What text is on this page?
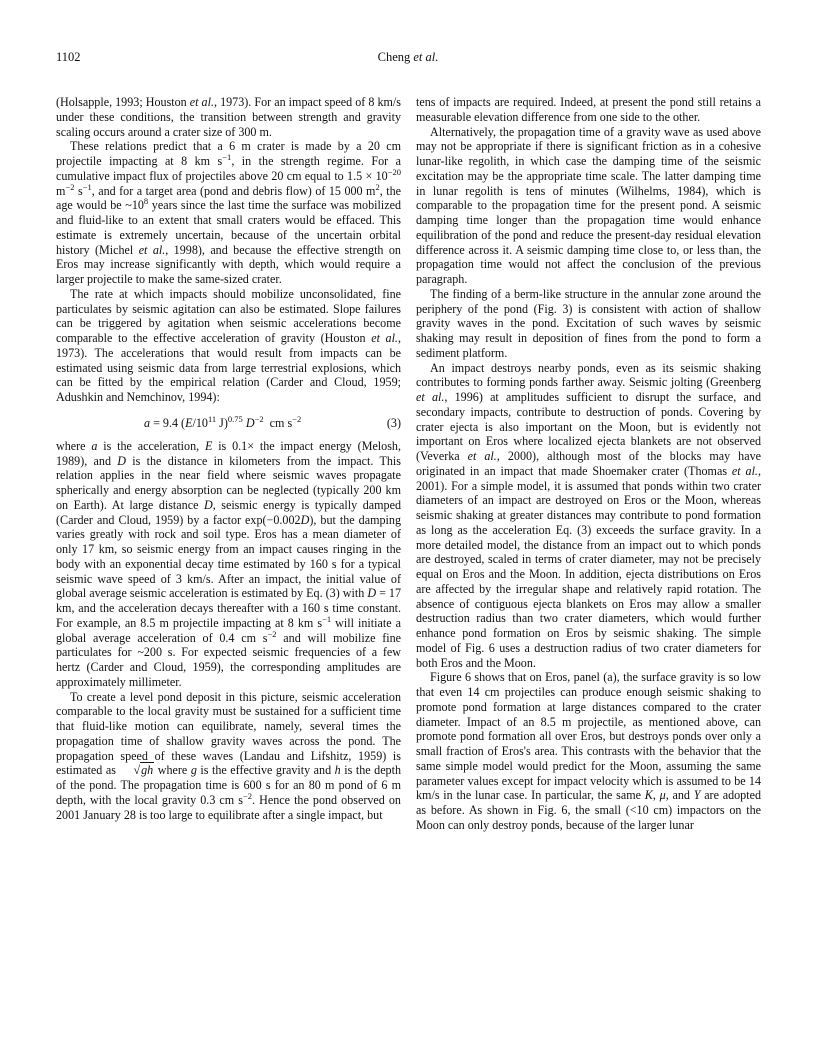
1102	Cheng et al.

(Holsapple, 1993; Houston et al., 1973). For an impact speed of 8 km/s under these conditions, the transition between strength and gravity scaling occurs around a crater size of 300 m.

These relations predict that a 6 m crater is made by a 20 cm projectile impacting at 8 km $s^{-1}$, in the strength regime. For a cumulative impact flux of projectiles above 20 cm equal to $1.5 \times 10^{-20}$ $m^{-2}$ $s^{-1}$, and for a target area (pond and debris flow) of 15 000 $m^2$, the age would be $\sim 10^8$ years since the last time the surface was mobilized and fluid-like to an extent that small craters would be effaced. This estimate is extremely uncertain, because of the uncertain orbital history (Michel et al., 1998), and because the effective strength on Eros may increase significantly with depth, which would require a larger projectile to make the same-sized crater.

The rate at which impacts should mobilize unconsolidated, fine particulates by seismic agitation can also be estimated. Slope failures can be triggered by agitation when seismic accelerations become comparable to the effective acceleration of gravity (Houston et al., 1973). The accelerations that would result from impacts can be estimated using seismic data from large terrestrial explosions, which can be fitted by the empirical relation (Carder and Cloud, 1959; Adushkin and Nemchinov, 1994):

a = 9.4 ($E/10^{11}$ J)$^{0.75}$ $D^{-2}$  cm $s^{-2}$	(3)

where a is the acceleration, E is 0.1× the impact energy (Melosh, 1989), and D is the distance in kilometers from the impact. This relation applies in the near field where seismic waves propagate spherically and energy absorption can be neglected (typically 200 km on Earth). At large distance D, seismic energy is typically damped (Carder and Cloud, 1959) by a factor exp(−0.002D), but the damping varies greatly with rock and soil type. Eros has a mean diameter of only 17 km, so seismic energy from an impact causes ringing in the body with an exponential decay time estimated by 160 s for a typical seismic wave speed of 3 km/s. After an impact, the initial value of global average seismic acceleration is estimated by Eq. (3) with D = 17 km, and the acceleration decays thereafter with a 160 s time constant. For example, an 8.5 m projectile impacting at 8 km $s^{-1}$ will initiate a global average acceleration of 0.4 cm $s^{-2}$ and will mobilize fine particulates for ~200 s. For expected seismic frequencies of a few hertz (Carder and Cloud, 1959), the corresponding amplitudes are approximately millimeter.

To create a level pond deposit in this picture, seismic acceleration comparable to the local gravity must be sustained for a sufficient time that fluid-like motion can equilibrate, namely, several times the propagation time of shallow gravity waves across the pond. The propagation speed of these waves (Landau and Lifshitz, 1959) is estimated as √gh where g is the effective gravity and h is the depth of the pond. The propagation time is 600 s for an 80 m pond of 6 m depth, with the local gravity 0.3 cm $s^{-2}$. Hence the pond observed on 2001 January 28 is too large to equilibrate after a single impact, but

tens of impacts are required. Indeed, at present the pond still retains a measurable elevation difference from one side to the other.

Alternatively, the propagation time of a gravity wave as used above may not be appropriate if there is significant friction as in a cohesive lunar-like regolith, in which case the damping time of the seismic excitation may be the appropriate time scale. The latter damping time in lunar regolith is tens of minutes (Wilhelms, 1984), which is comparable to the propagation time for the present pond. A seismic damping time longer than the propagation time would enhance equilibration of the pond and reduce the present-day residual elevation difference across it. A seismic damping time close to, or less than, the propagation time would not affect the conclusion of the previous paragraph.

The finding of a berm-like structure in the annular zone around the periphery of the pond (Fig. 3) is consistent with action of shallow gravity waves in the pond. Excitation of such waves by seismic shaking may result in deposition of fines from the pond to form a sediment platform.

An impact destroys nearby ponds, even as its seismic shaking contributes to forming ponds farther away. Seismic jolting (Greenberg et al., 1996) at amplitudes sufficient to disrupt the surface, and secondary impacts, contribute to destruction of ponds. Covering by crater ejecta is also important on the Moon, but is evidently not important on Eros where localized ejecta blankets are not observed (Veverka et al., 2000), although most of the blocks may have originated in an impact that made Shoemaker crater (Thomas et al., 2001). For a simple model, it is assumed that ponds within two crater diameters of an impact are destroyed on Eros or the Moon, whereas seismic shaking at greater distances may contribute to pond formation as long as the acceleration Eq. (3) exceeds the surface gravity. In a more detailed model, the distance from an impact out to which ponds are destroyed, scaled in terms of crater diameter, may not be precisely equal on Eros and the Moon. In addition, ejecta distributions on Eros are affected by the irregular shape and relatively rapid rotation. The absence of contiguous ejecta blankets on Eros may allow a smaller destruction radius than two crater diameters, which would further enhance pond formation on Eros by seismic shaking. The simple model of Fig. 6 uses a destruction radius of two crater diameters for both Eros and the Moon.

Figure 6 shows that on Eros, panel (a), the surface gravity is so low that even 14 cm projectiles can produce enough seismic shaking to promote pond formation at large distances compared to the crater diameter. Impact of an 8.5 m projectile, as mentioned above, can promote pond formation all over Eros, but destroys ponds over only a small fraction of Eros's area. This contrasts with the behavior that the same simple model would predict for the Moon, assuming the same parameter values except for impact velocity which is assumed to be 14 km/s in the lunar case. In particular, the same K, μ, and Y are adopted as before. As shown in Fig. 6, the small (<10 cm) impactors on the Moon can only destroy ponds, because of the larger lunar
